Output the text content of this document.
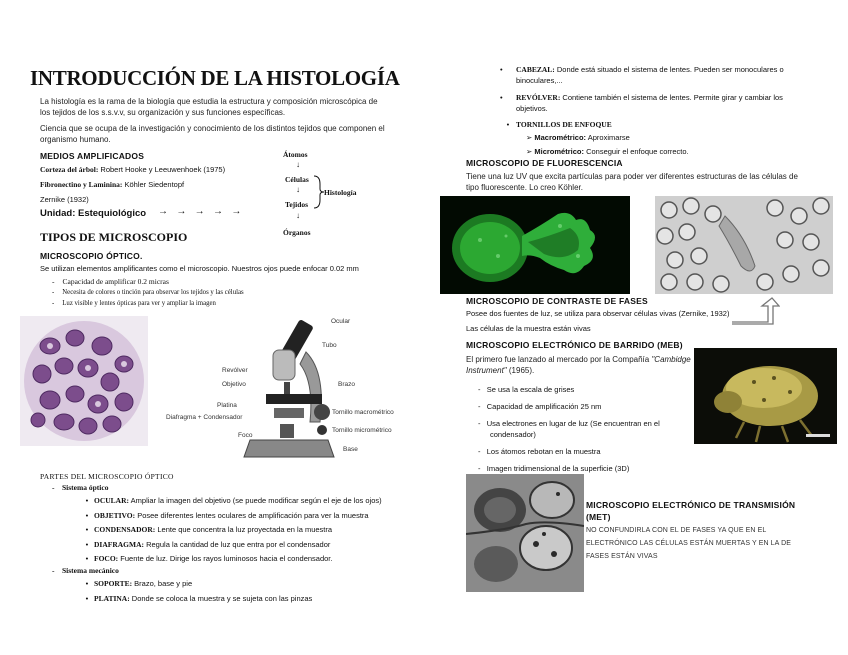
INTRODUCCIÓN DE LA HISTOLOGÍA
La histología es la rama de la biología que estudia la estructura y composición microscópica de los tejidos de los s.s.v.v, su organización y sus funciones específicas.
Ciencia que se ocupa de la investigación y conocimiento de los distintos tejidos que componen el organismo humano.
MEDIOS AMPLIFICADOS
Corteza del árbol: Robert Hooke y Leeuwenhoek (1975)
Fibronectino y Laminina: Köhler Siedentopf
Zernike (1932)
Unidad: Estequiológico →   →   →   →   →
Átomos
↓
Células
↓
Tejidos
↓
Órganos
Histología
TIPOS DE MICROSCOPIO
MICROSCOPIO ÓPTICO.
Se utilizan elementos amplificantes como el microscopio. Nuestros ojos puede enfocar 0.02 mm
- Capacidad de amplificar 0.2 micras
- Necesita de colores o tinción para observar los tejidos y las células
- Luz visible y lentes ópticas para ver y ampliar la imagen
Ocular
Tubo
Revólver
Objetivo	Brazo
Platina
Diafragma + Condensador
Tornillo macrométrico
Tornillo micrométrico
Foco
Base
PARTES DEL MICROSCOPIO ÓPTICO
-    Sistema óptico
• OCULAR: Ampliar la imagen del objetivo (se puede modificar según el eje de los ojos)
• OBJETIVO: Posee diferentes lentes oculares de amplificación para ver la muestra
• CONDENSADOR: Lente que concentra la luz proyectada en la muestra
• DIAFRAGMA: Regula la cantidad de luz que entra por el condensador
• FOCO: Fuente de luz. Dirige los rayos luminosos hacia el condensador.
-    Sistema mecánico
• SOPORTE: Brazo, base y pie
• PLATINA: Donde se coloca la muestra y se sujeta con las pinzas
• CABEZAL: Donde está situado el sistema de lentes. Pueden ser monoculares o binoculares,...
• REVÓLVER: Contiene también el sistema de lentes. Permite girar y cambiar los objetivos.
• TORNILLOS DE ENFOQUE
➢ Macrométrico: Aproximarse
➢ Micrométrico: Conseguir el enfoque correcto.
MICROSCOPIO DE FLUORESCENCIA
Tiene una luz UV que excita partículas para poder ver diferentes estructuras de las células de tipo fluorescente. Lo creo Köhler.
MICROSCOPIO DE CONTRASTE DE FASES
Posee dos fuentes de luz, se utiliza para observar células vivas (Zernike, 1932)
Las células de la muestra están vivas
MICROSCOPIO ELECTRÓNICO DE BARRIDO (MEB)
El primero fue lanzado al mercado por la Compañía "Cambidge Instrument" (1965).
-   Se usa la escala de grises
-   Capacidad de amplificación 25 nm
-   Usa electrones en lugar de luz (Se encuentran en el condensador)
-   Los átomos rebotan en la muestra
-   Imagen tridimensional de la superficie (3D)
MICROSCOPIO ELECTRÓNICO DE TRANSMISIÓN (MET)
NO CONFUNDIRLA CON EL DE FASES YA QUE EN EL ELECTRÓNICO LAS CÉLULAS ESTÁN MUERTAS Y EN LA DE FASES ESTÁN VIVAS
